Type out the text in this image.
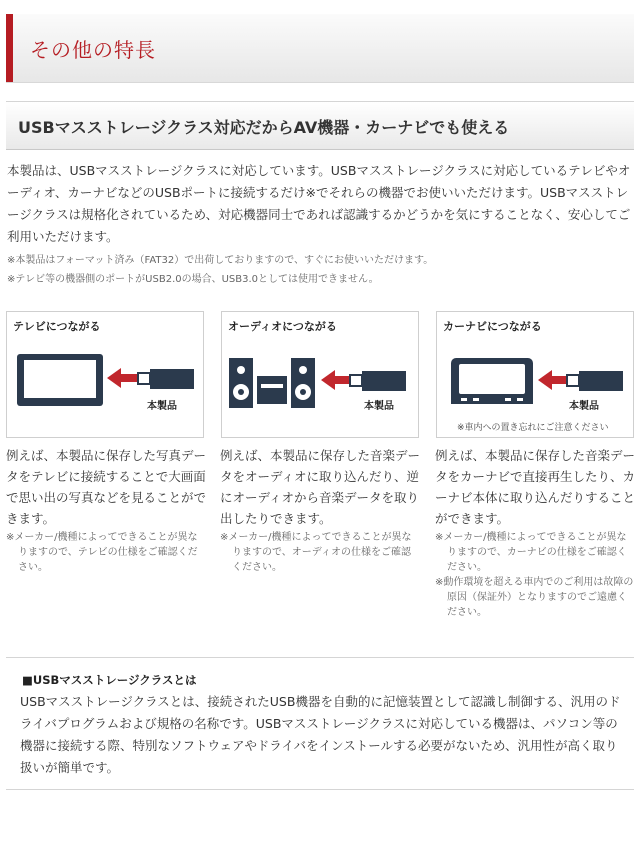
その他の特長
USBマスストレージクラス対応だからAV機器・カーナビでも使える

本製品は、USBマスストレージクラスに対応しています。USBマスストレージクラスに対応しているテレビやオーディオ、カーナビなどのUSBポートに接続するだけ※でそれらの機器でお使いいただけます。USBマスストレージクラスは規格化されているため、対応機器同士であれば認識するかどうかを気にすることなく、安心してご利用いただけます。

※本製品はフォーマット済み（FAT32）で出荷しておりますので、すぐにお使いいただけます。

※テレビ等の機器側のポートがUSB2.0の場合、USB3.0としては使用できません。

テレビにつながる
本製品
オーディオにつながる
本製品
カーナビにつながる
本製品
※車内への置き忘れにご注意ください

例えば、本製品に保存した写真データをテレビに接続することで大画面で思い出の写真などを見ることができます。

例えば、本製品に保存した音楽データをオーディオに取り込んだり、逆にオーディオから音楽データを取り出したりできます。

例えば、本製品に保存した音楽データをカーナビで直接再生したり、カーナビ本体に取り込んだりすることができます。

※メーカー/機種によってできることが異なりますので、テレビの仕様をご確認ください。

※メーカー/機種によってできることが異なりますので、オーディオの仕様をご確認ください。

※メーカー/機種によってできることが異なりますので、カーナビの仕様をご確認ください。

※動作環境を超える車内でのご利用は故障の原因（保証外）となりますのでご遠慮ください。

■USBマスストレージクラスとは

USBマスストレージクラスとは、接続されたUSB機器を自動的に記憶装置として認識し制御する、汎用のドライバプログラムおよび規格の名称です。USBマスストレージクラスに対応している機器は、パソコン等の機器に接続する際、特別なソフトウェアやドライバをインストールする必要がないため、汎用性が高く取り扱いが簡単です。
